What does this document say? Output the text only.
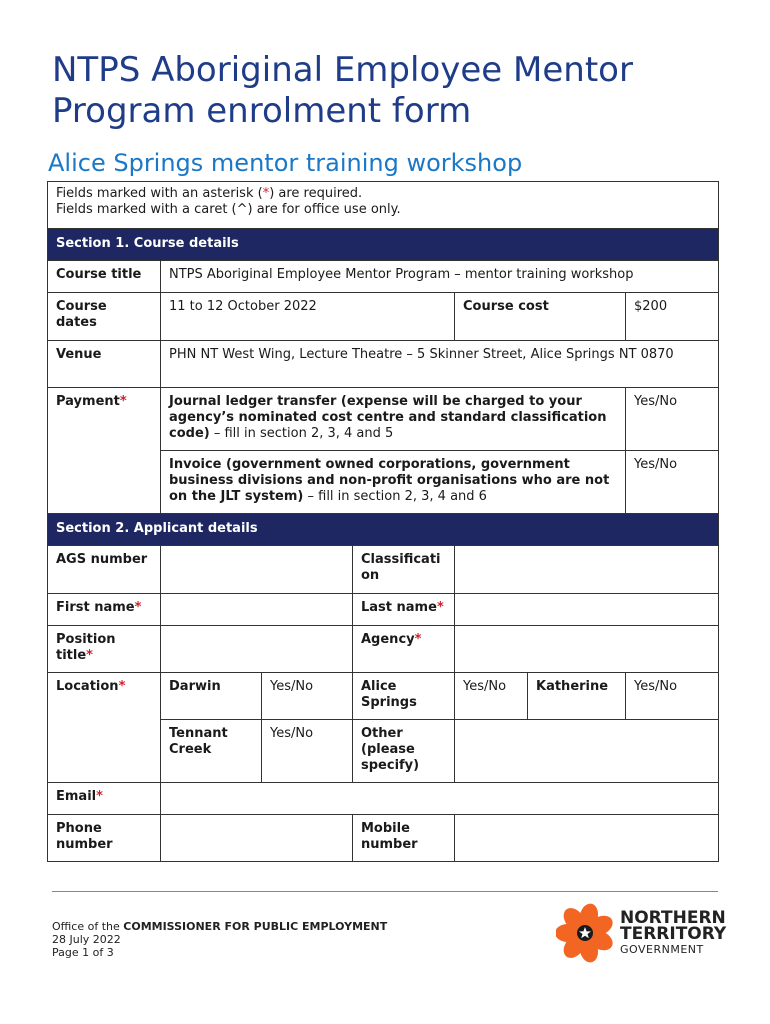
NTPS Aboriginal Employee Mentor Program enrolment form
Alice Springs mentor training workshop
Fields marked with an asterisk (*) are required.
Fields marked with a caret (^) are for office use only.						
Section 1. Course details						
Course title	NTPS Aboriginal Employee Mentor Program – mentor training workshop					
Course dates	11 to 12 October 2022			Course cost		$200
Venue	PHN NT West Wing, Lecture Theatre – 5 Skinner Street, Alice Springs NT 0870					
Payment*	Journal ledger transfer (expense will be charged to your agency’s nominated cost centre and standard classification code) – fill in section 2, 3, 4 and 5					Yes/No
	Invoice (government owned corporations, government business divisions and non-profit organisations who are not on the JLT system) – fill in section 2, 3, 4 and 6					Yes/No
Section 2. Applicant details						
AGS number			Classification			
First name*			Last name*			
Position title*			Agency*			
Location*	Darwin	Yes/No	Alice Springs	Yes/No	Katherine	Yes/No
	Tennant Creek	Yes/No	Other (please specify)			
Email*						
Phone number			Mobile number			
Office of the COMMISSIONER FOR PUBLIC EMPLOYMENT
28 July 2022
Page 1 of 3
NORTHERN
TERRITORY
GOVERNMENT
